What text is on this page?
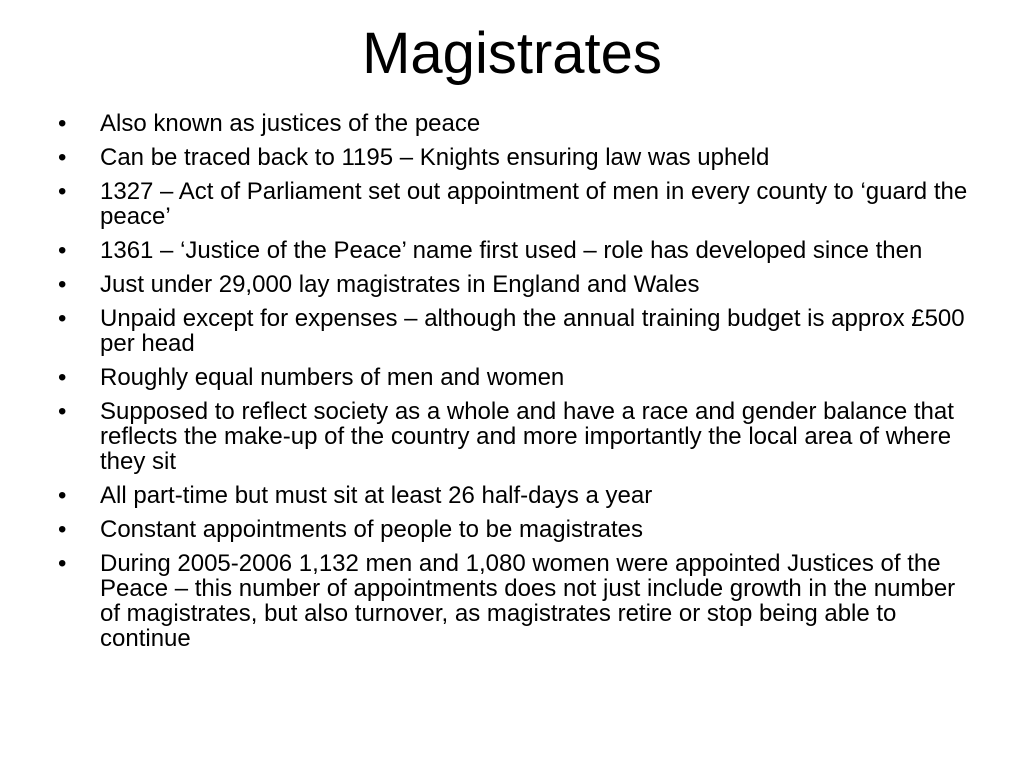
Magistrates
• Also known as justices of the peace
• Can be traced back to 1195 – Knights ensuring law was upheld
• 1327 – Act of Parliament set out appointment of men in every county to ‘guard the peace’
• 1361 – ‘Justice of the Peace’ name first used – role has developed since then
• Just under 29,000 lay magistrates in England and Wales
• Unpaid except for expenses – although the annual training budget is approx £500 per head
• Roughly equal numbers of men and women
• Supposed to reflect society as a whole and have a race and gender balance that reflects the make-up of the country and more importantly the local area of where they sit
• All part-time but must sit at least 26 half-days a year
• Constant appointments of people to be magistrates
• During 2005-2006 1,132 men and 1,080 women were appointed Justices of the Peace – this number of appointments does not just include growth in the number of magistrates, but also turnover, as magistrates retire or stop being able to continue
